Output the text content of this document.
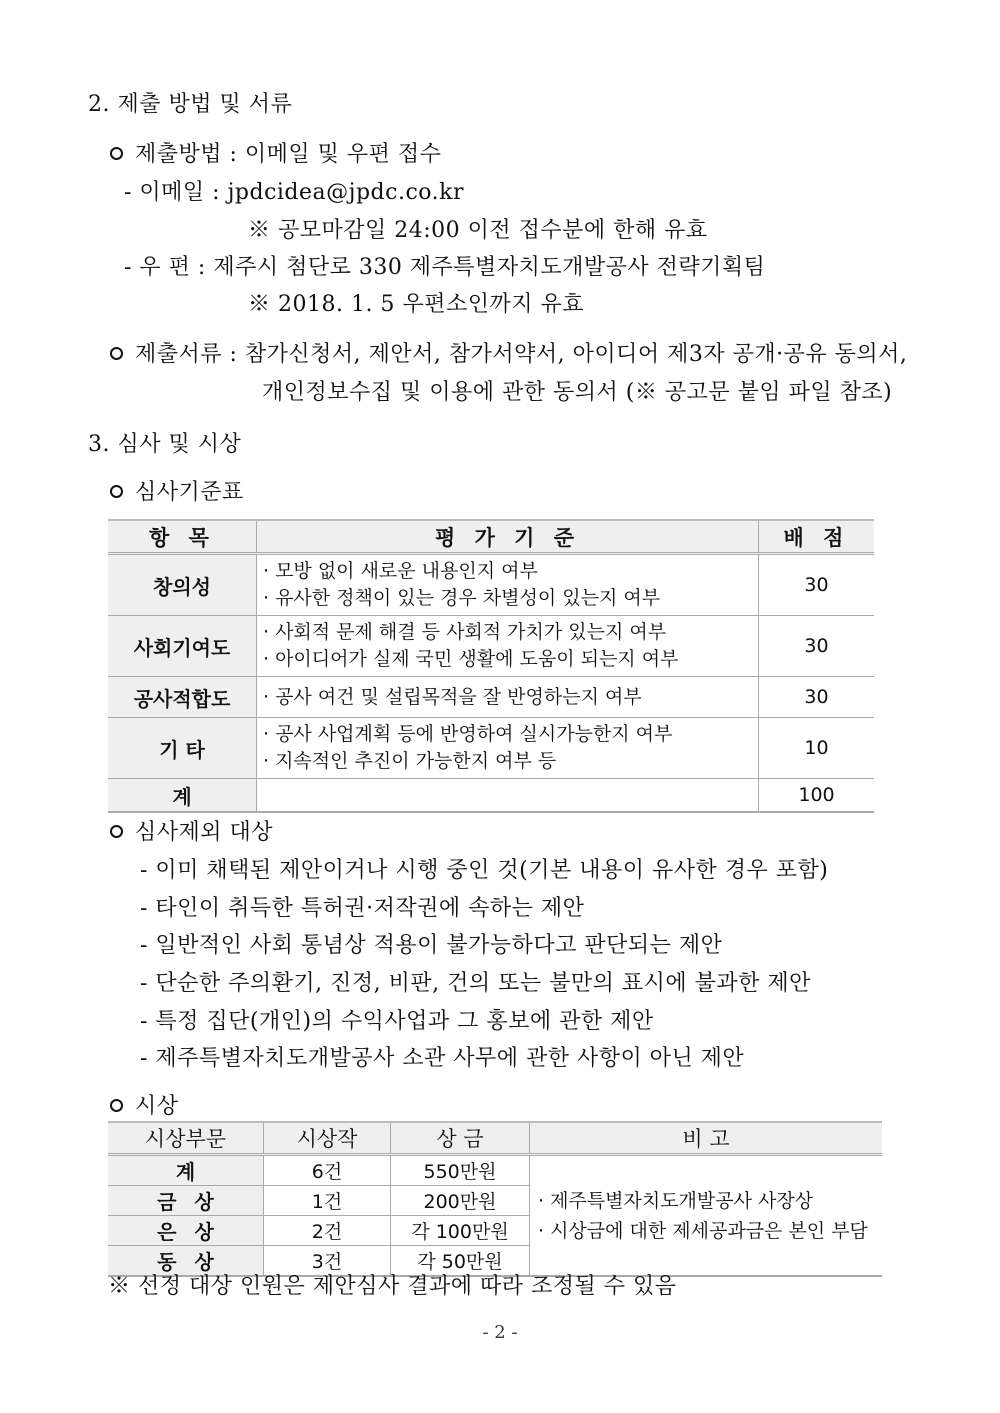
2. 제출 방법 및 서류
제출방법 : 이메일 및 우편 접수
- 이메일 : jpdcidea@jpdc.co.kr
※ 공모마감일 24:00 이전 접수분에 한해 유효
- 우 편 : 제주시 첨단로 330 제주특별자치도개발공사 전략기획팀
※ 2018. 1. 5 우편소인까지 유효
제출서류 : 참가신청서, 제안서, 참가서약서, 아이디어 제3자 공개·공유 동의서,
개인정보수집 및 이용에 관한 동의서 (※ 공고문 붙임 파일 참조)
3. 심사 및 시상
심사기준표
항 목	평 가 기 준	배 점
창의성	· 모방 없이 새로운 내용인지 여부
· 유사한 정책이 있는 경우 차별성이 있는지 여부	30
사회기여도	· 사회적 문제 해결 등 사회적 가치가 있는지 여부
· 아이디어가 실제 국민 생활에 도움이 되는지 여부	30
공사적합도	· 공사 여건 및 설립목적을 잘 반영하는지 여부	30
기 타	· 공사 사업계획 등에 반영하여 실시가능한지 여부
· 지속적인 추진이 가능한지 여부 등	10
계		100
심사제외 대상
- 이미 채택된 제안이거나 시행 중인 것(기본 내용이 유사한 경우 포함)
- 타인이 취득한 특허권·저작권에 속하는 제안
- 일반적인 사회 통념상 적용이 불가능하다고 판단되는 제안
- 단순한 주의환기, 진정, 비판, 건의 또는 불만의 표시에 불과한 제안
- 특정 집단(개인)의 수익사업과 그 홍보에 관한 제안
- 제주특별자치도개발공사 소관 사무에 관한 사항이 아닌 제안
시상
시상부문	시상작	상 금	비 고
계	6건	550만원	· 제주특별자치도개발공사 사장상
· 시상금에 대한 제세공과금은 본인 부담

금상	1건	200만원	
은상	2건	각 100만원	
동상	3건	각 50만원	
※ 선정 대상 인원은 제안심사 결과에 따라 조정될 수 있음
- 2 -
